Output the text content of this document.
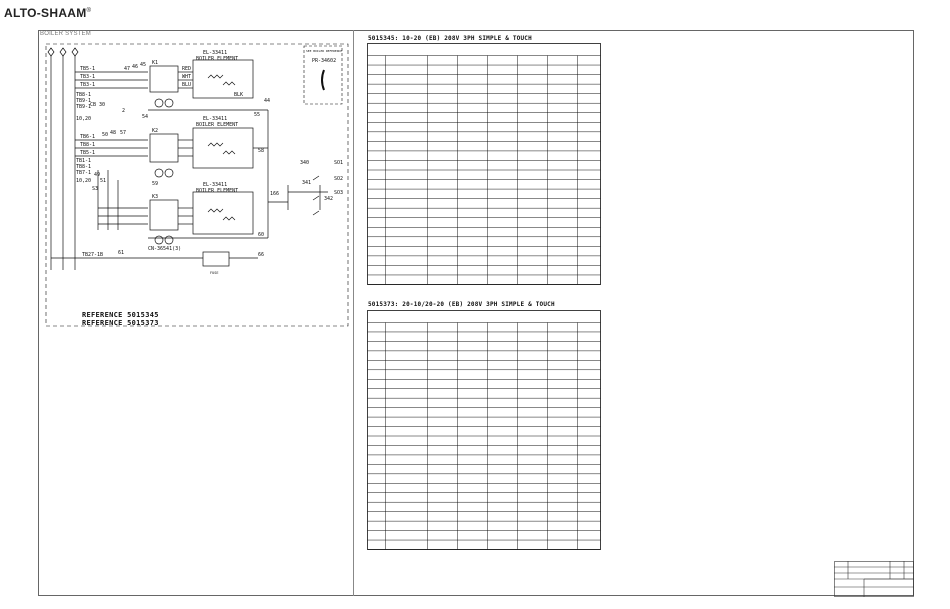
ALTO-SHAAM®
BOILER SYSTEM
K1
EL-33411
BOILER ELEMENT
K2
EL-33411
BOILER ELEMENT
K3
EL-33411
BOILER ELEMENT
TB5-1
TB3-1
TB3-1
TB8-1
TB9-1
TB9-1
TB6-1
TB8-1
TB5-1
TB1-1
TB8-1
TB7-1
TB27-1B
RED
WHT
BLU
BLK
47 46 45
44
54	55
57
58
50
49
48
51	59
60
61	66
340
341
342
166
SO1
SO2
SO3
CN-36541(3)
SEE BOILER REFERENCE
PR-34602
CB 30
10,20
10,20
2
S3
FUSE
REFERENCE 5015345
REFERENCE 5015373
5015345: 10-20 (EB) 208V 3PH SIMPLE & TOUCH
5015373: 20-10/20-20 (EB) 208V 3PH SIMPLE & TOUCH
